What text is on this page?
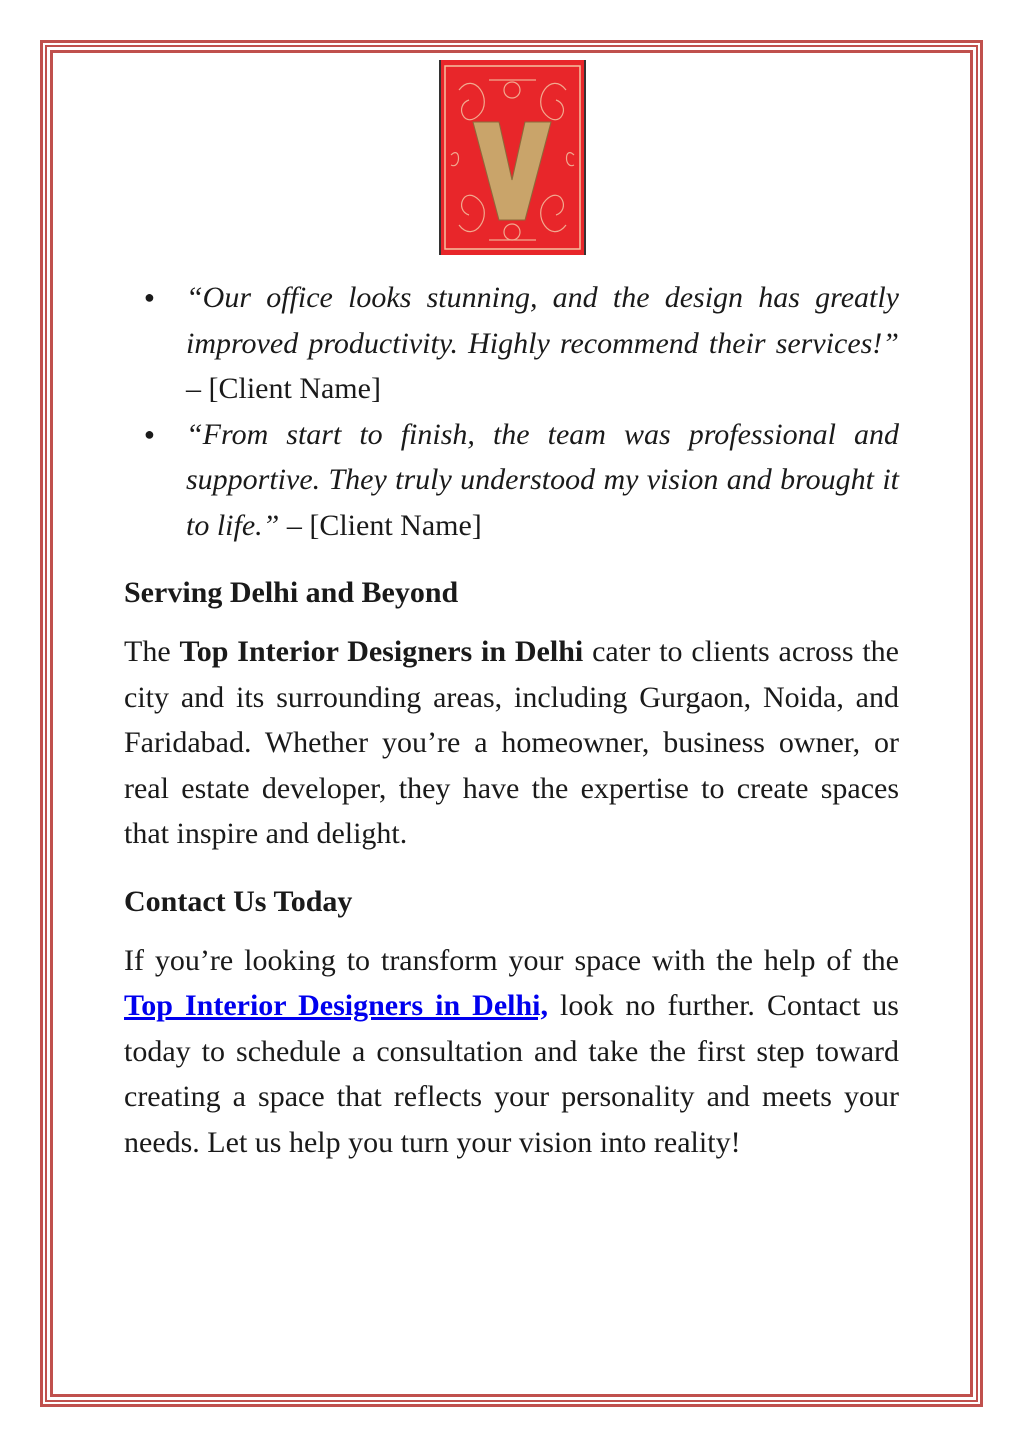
● “Our office looks stunning, and the design has greatly improved productivity. Highly recommend their services!” – [Client Name]
● “From start to finish, the team was professional and supportive. They truly understood my vision and brought it to life.” – [Client Name]
Serving Delhi and Beyond

The Top Interior Designers in Delhi cater to clients across the city and its surrounding areas, including Gurgaon, Noida, and Faridabad. Whether you’re a homeowner, business owner, or real estate developer, they have the expertise to create spaces that inspire and delight.

Contact Us Today

If you’re looking to transform your space with the help of the Top Interior Designers in Delhi, look no further. Contact us today to schedule a consultation and take the first step toward creating a space that reflects your personality and meets your needs. Let us help you turn your vision into reality!
